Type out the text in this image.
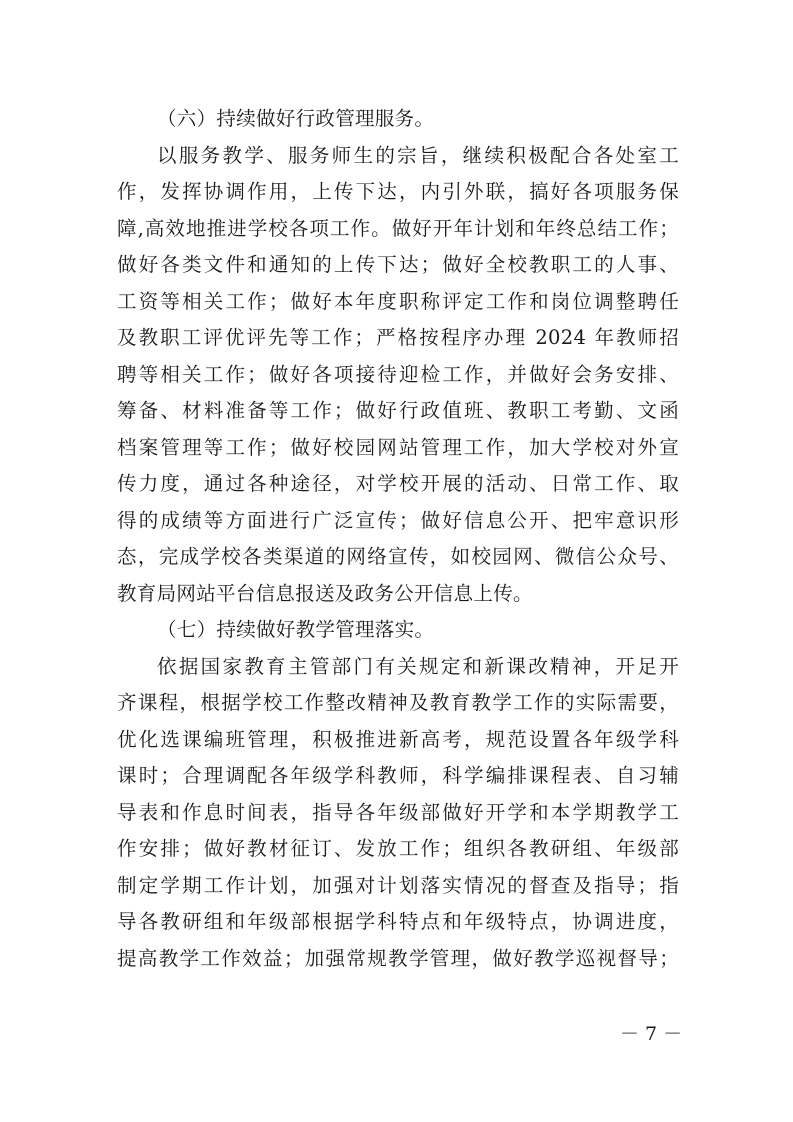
（六）持续做好行政管理服务。
以服务教学、服务师生的宗旨，继续积极配合各处室工
作，发挥协调作用，上传下达，内引外联，搞好各项服务保
障,高效地推进学校各项工作。做好开年计划和年终总结工作；
做好各类文件和通知的上传下达；做好全校教职工的人事、
工资等相关工作；做好本年度职称评定工作和岗位调整聘任
及教职工评优评先等工作；严格按程序办理 2024 年教师招
聘等相关工作；做好各项接待迎检工作，并做好会务安排、
筹备、材料准备等工作；做好行政值班、教职工考勤、文函
档案管理等工作；做好校园网站管理工作，加大学校对外宣
传力度，通过各种途径，对学校开展的活动、日常工作、取
得的成绩等方面进行广泛宣传；做好信息公开、把牢意识形
态，完成学校各类渠道的网络宣传，如校园网、微信公众号、
教育局网站平台信息报送及政务公开信息上传。
（七）持续做好教学管理落实。
依据国家教育主管部门有关规定和新课改精神，开足开
齐课程，根据学校工作整改精神及教育教学工作的实际需要，
优化选课编班管理，积极推进新高考，规范设置各年级学科
课时；合理调配各年级学科教师，科学编排课程表、自习辅
导表和作息时间表，指导各年级部做好开学和本学期教学工
作安排；做好教材征订、发放工作；组织各教研组、年级部
制定学期工作计划，加强对计划落实情况的督查及指导；指
导各教研组和年级部根据学科特点和年级特点，协调进度，
提高教学工作效益；加强常规教学管理，做好教学巡视督导；
－ 7 －
